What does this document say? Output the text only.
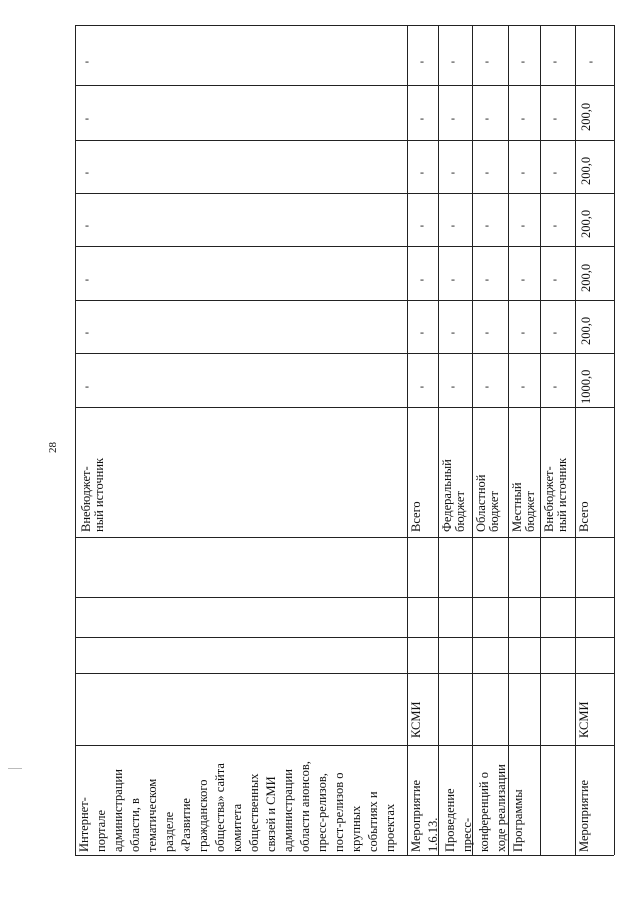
28
Интернет- портале администрации области, в тематическом разделе «Развитие гражданского общества» сайта комитета общественных связей и СМИ администрации области анонсов, пресс-релизов, пост-релизов о крупных событиях и проектах
Внебюджет- ный источник
-
-
-
-
-
-
-
Мероприятие 1.6.13. Проведение пресс- конференций о ходе реализации Программы
КСМИ
Всего
-
-
-
-
-
-
-
Федеральный бюджет
-
-
-
-
-
-
-
Областной бюджет
-
-
-
-
-
-
-
Местный бюджет
-
-
-
-
-
-
-
Внебюджет- ный источник
-
-
-
-
-
-
-
Мероприятие
КСМИ
Всего
-
200,0
200,0
200,0
200,0
200,0
1000,0
